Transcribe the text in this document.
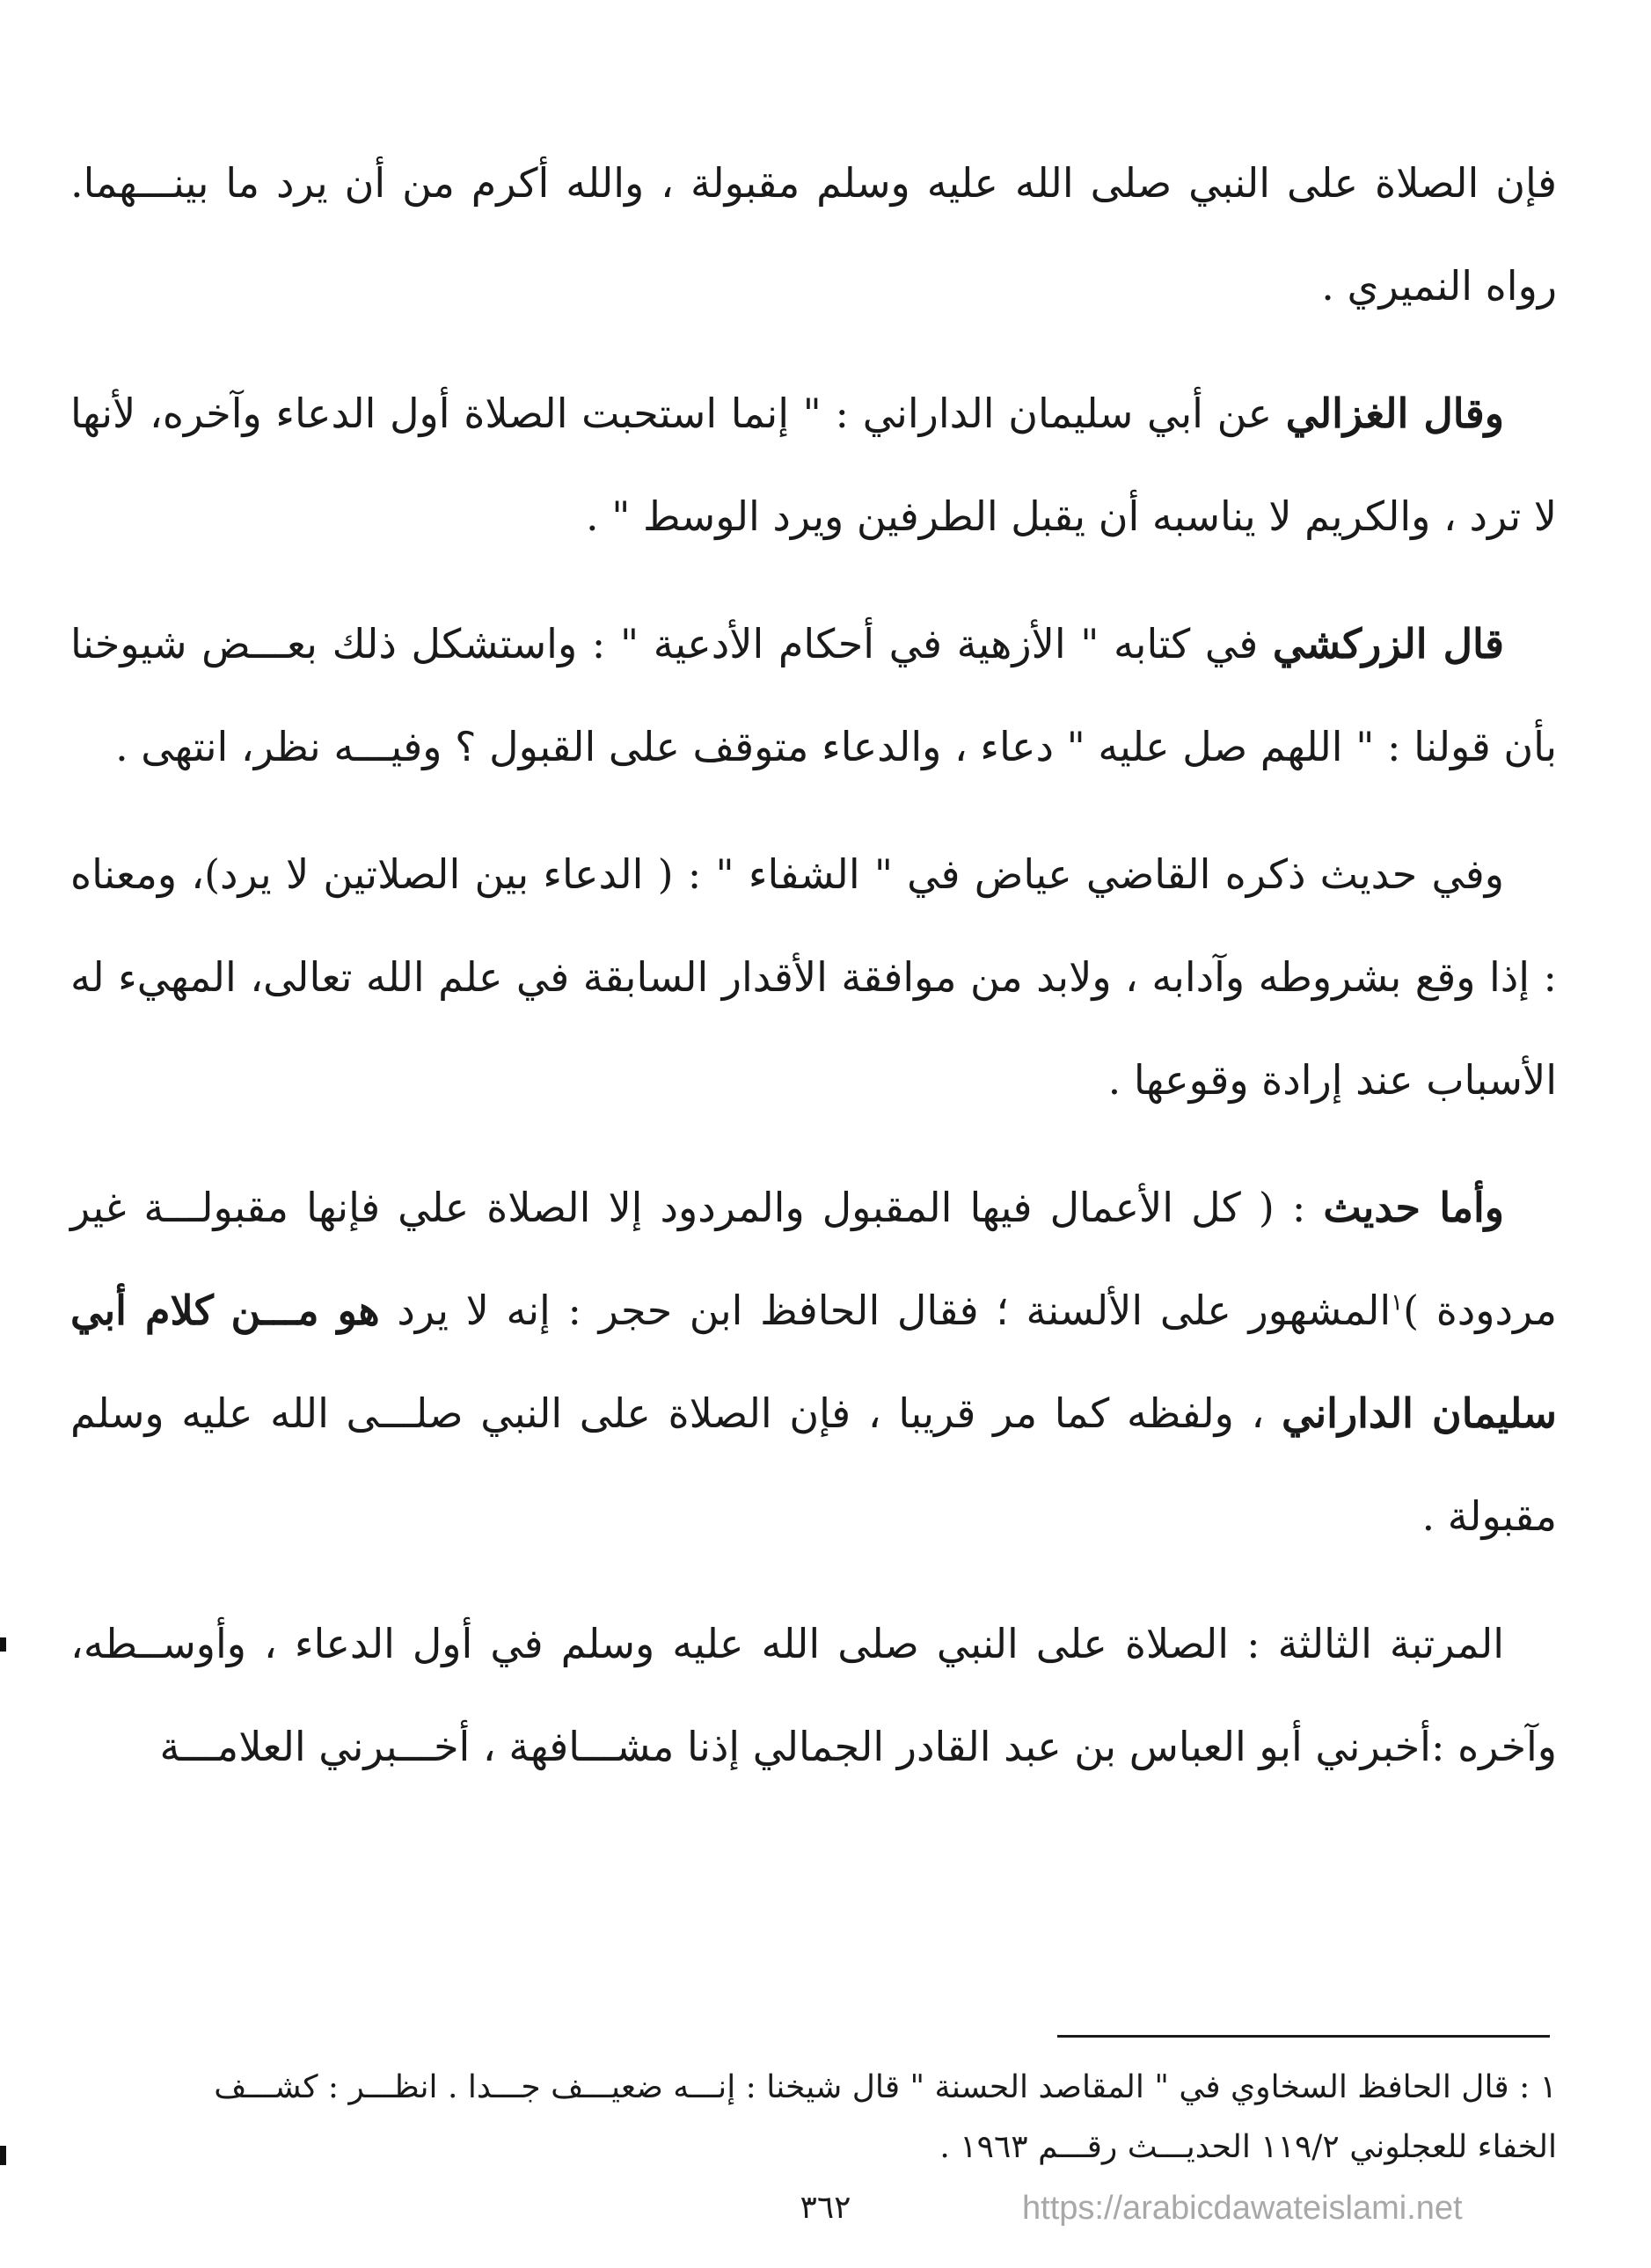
فإن الصلاة على النبي صلى الله عليه وسلم مقبولة ، والله أكرم من أن يرد ما بينـــهما. رواه النميري .

وقال الغزالي عن أبي سليمان الداراني : " إنما استحبت الصلاة أول الدعاء وآخره، لأنها لا ترد ، والكريم لا يناسبه أن يقبل الطرفين ويرد الوسط " .

قال الزركشي في كتابه " الأزهية في أحكام الأدعية " : واستشكل ذلك بعـــض شيوخنا بأن قولنا : " اللهم صل عليه " دعاء ، والدعاء متوقف على القبول ؟ وفيـــه نظر، انتهى .

وفي حديث ذكره القاضي عياض في " الشفاء " : ( الدعاء بين الصلاتين لا يرد)، ومعناه : إذا وقع بشروطه وآدابه ، ولابد من موافقة الأقدار السابقة في علم الله تعالى، المهيء له الأسباب عند إرادة وقوعها .

وأما حديث : ( كل الأعمال فيها المقبول والمردود إلا الصلاة علي فإنها مقبولـــة غير مردودة )$^١$المشهور على الألسنة ؛ فقال الحافظ ابن حجر : إنه لا يرد هو مـــن كلام أبي سليمان الداراني ، ولفظه كما مر قريبا ، فإن الصلاة على النبي صلـــى الله عليه وسلم مقبولة .

المرتبة الثالثة : الصلاة على النبي صلى الله عليه وسلم في أول الدعاء ، وأوســطه، وآخره :أخبرني أبو العباس بن عبد القادر الجمالي إذنا مشـــافهة ، أخـــبرني العلامـــة

١ : قال الحافظ السخاوي في " المقاصد الحسنة " قال شيخنا : إنـــه ضعيـــف جـــدا . انظـــر : كشـــف

الخفاء للعجلوني ١١٩/٢ الحديـــث رقـــم ١٩٦٣ .

٣٦٢	https://arabicdawateislami.net
